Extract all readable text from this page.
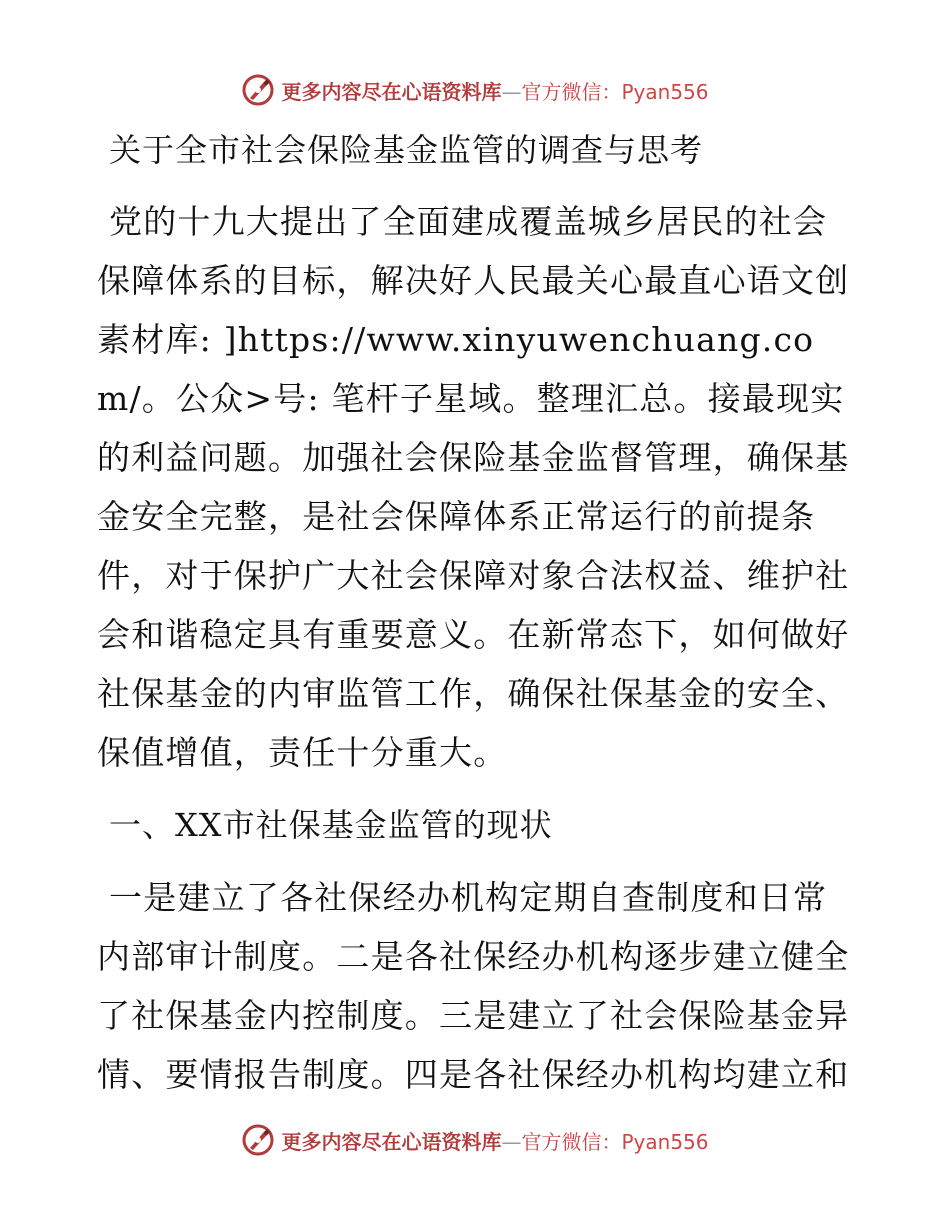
更多内容尽在心语资料库—官方微信：Pyan556
关于全市社会保险基金监管的调查与思考

党的十九大提出了全面建成覆盖城乡居民的社会保障体系的目标，解决好人民最关心最直心语文创素材库: ]https://www.xinyuwenchuang.com/。公众>号: 笔杆子星域。整理汇总。接最现实的利益问题。加强社会保险基金监督管理，确保基金安全完整，是社会保障体系正常运行的前提条件，对于保护广大社会保障对象合法权益、维护社会和谐稳定具有重要意义。在新常态下，如何做好社保基金的内审监管工作，确保社保基金的安全、保值增值，责任十分重大。

一、XX市社保基金监管的现状

一是建立了各社保经办机构定期自查制度和日常内部审计制度。二是各社保经办机构逐步建立健全了社保基金内控制度。三是建立了社会保险基金异情、要情报告制度。四是各社保经办机构均建立和

更多内容尽在心语资料库—官方微信：Pyan556
